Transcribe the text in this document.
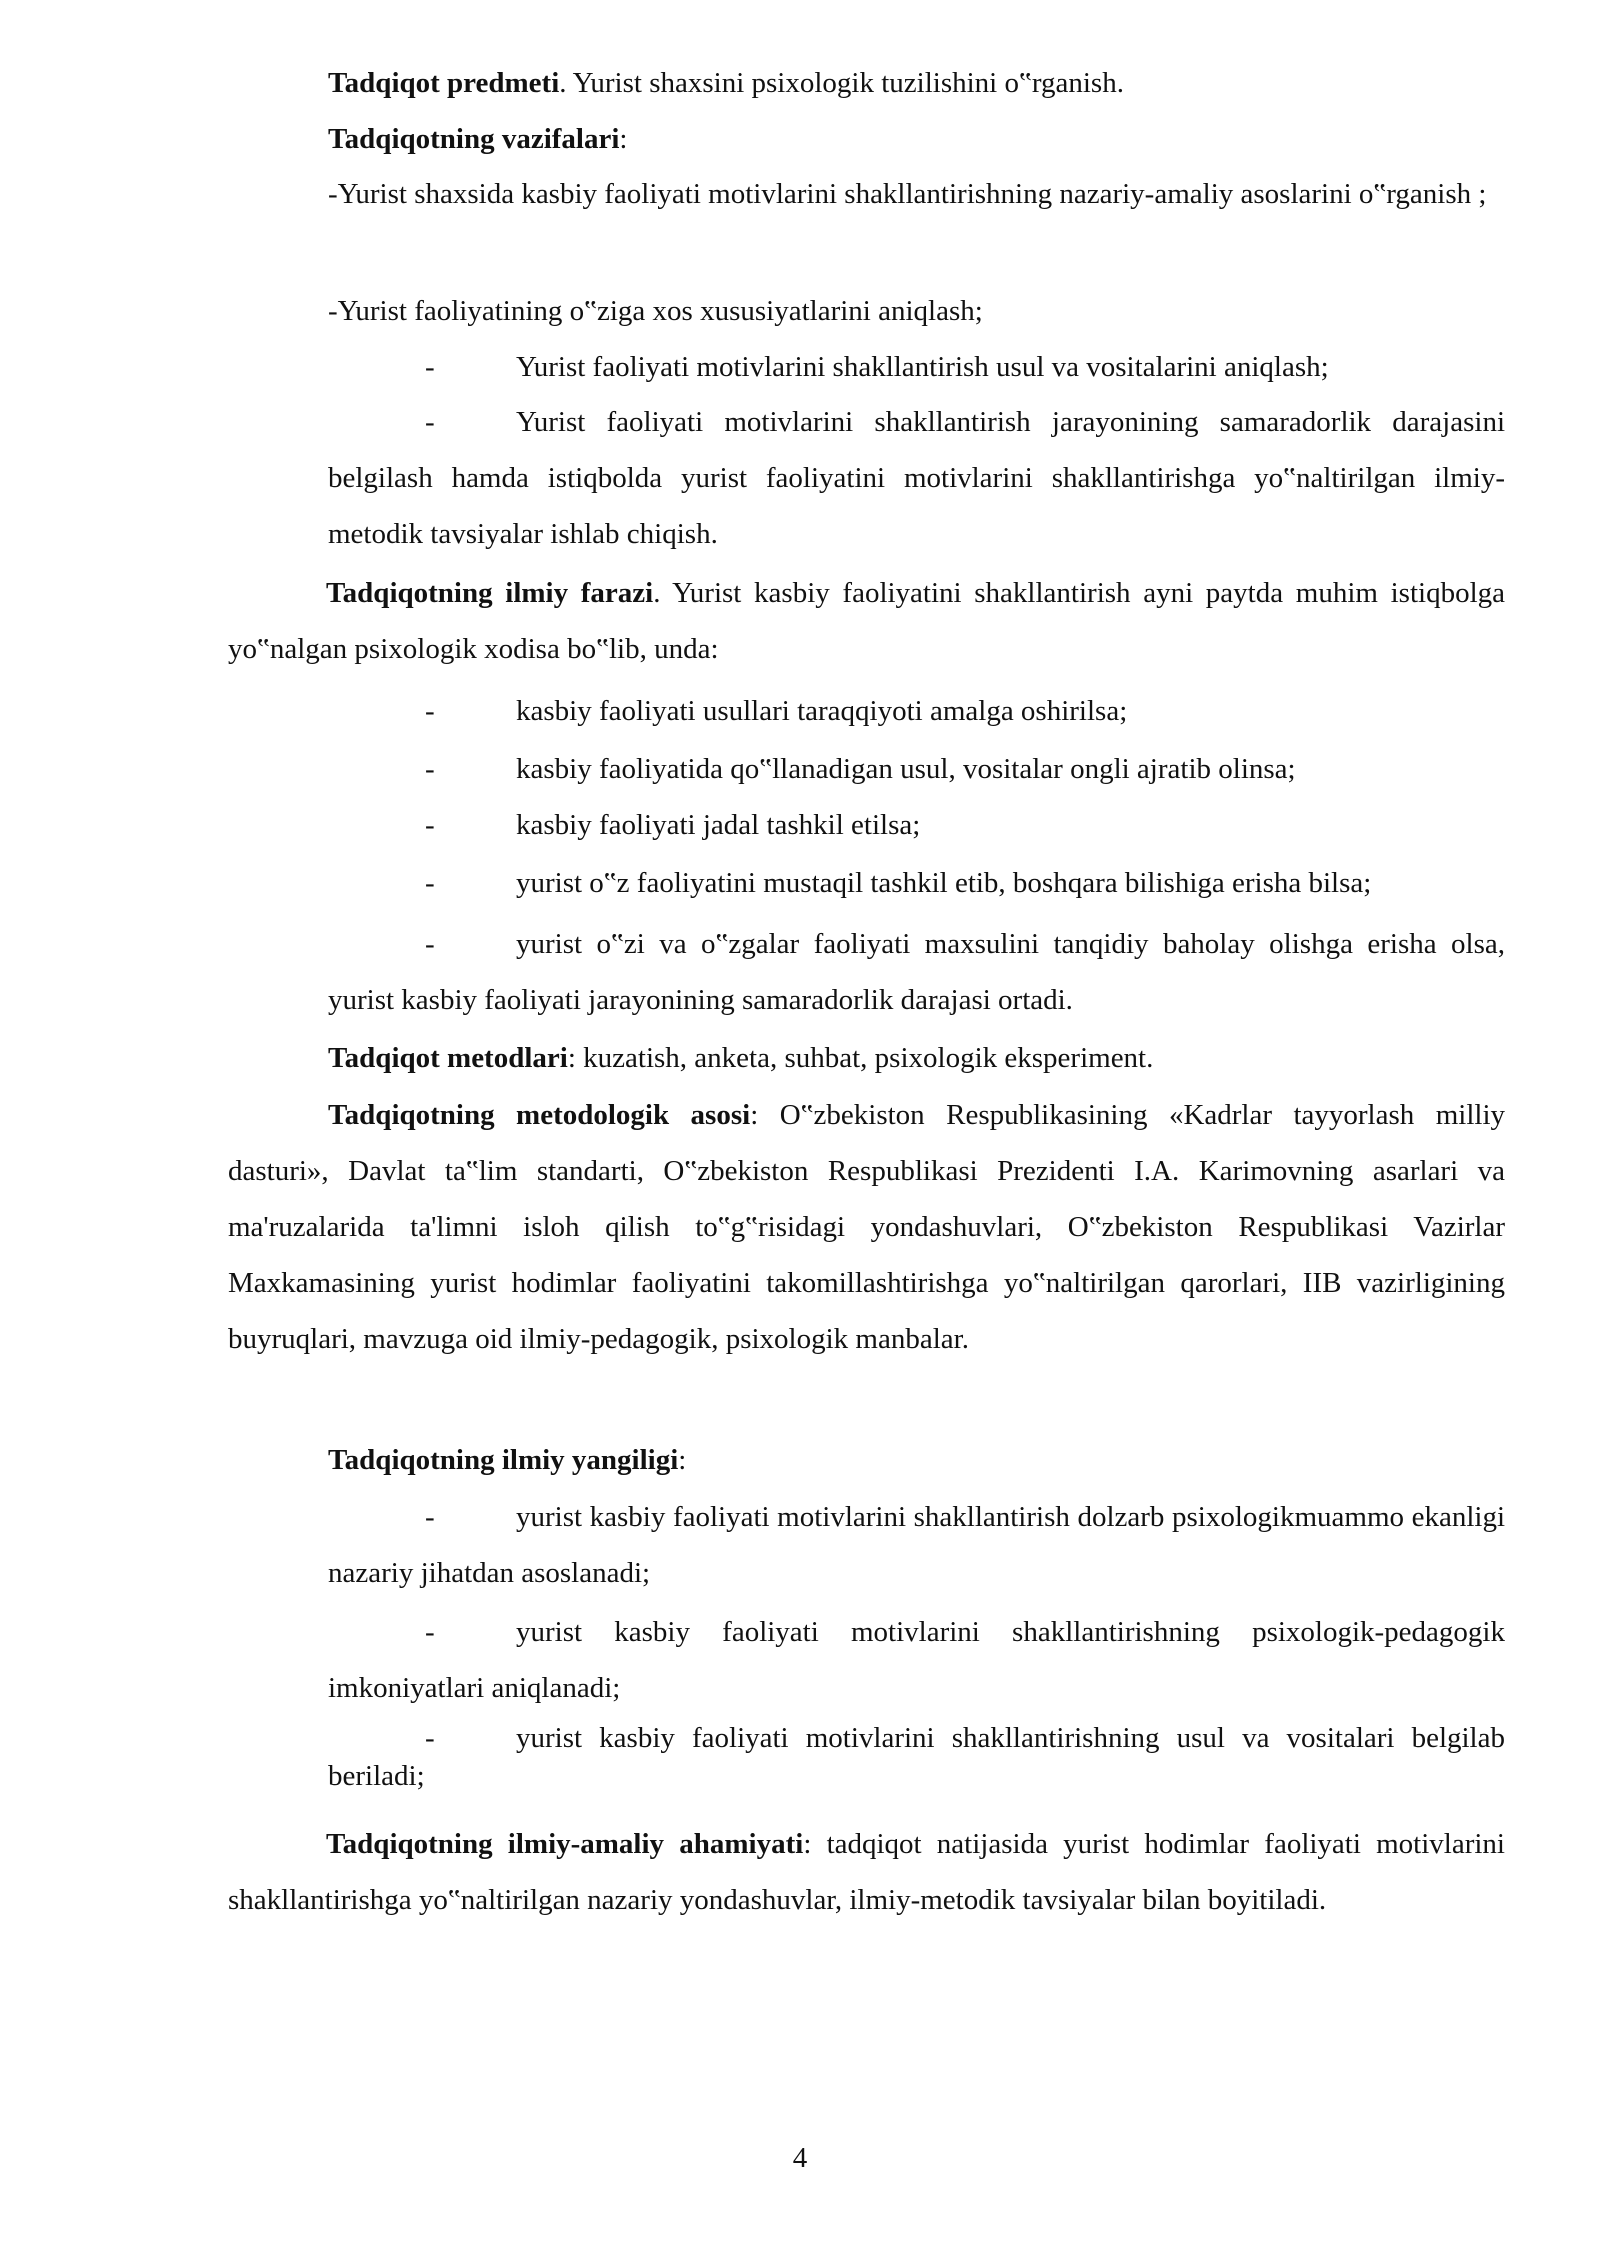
Tadqiqot predmeti. Yurist shaxsini psixologik tuzilishini o‟rganish.
Tadqiqotning vazifalari:

-Yurist shaxsida kasbiy faoliyati motivlarini shakllantirishning nazariy-amaliy asoslarini o‟rganish ;

-Yurist faoliyatining o‟ziga xos xususiyatlarini aniqlash;

-	Yurist faoliyati motivlarini shakllantirish usul va vositalarini aniqlash;
-	Yurist faoliyati motivlarini shakllantirish jarayonining samaradorlik darajasini belgilash hamda istiqbolda yurist faoliyatini motivlarini shakllantirishga yo‟naltirilgan ilmiy-metodik tavsiyalar ishlab chiqish.

Tadqiqotning ilmiy farazi. Yurist kasbiy faoliyatini shakllantirish ayni paytda muhim istiqbolga yo‟nalgan psixologik xodisa bo‟lib, unda:

-	kasbiy faoliyati usullari taraqqiyoti amalga oshirilsa;
-	kasbiy faoliyatida qo‟llanadigan usul, vositalar ongli ajratib olinsa;
-	kasbiy faoliyati jadal tashkil etilsa;
-	yurist o‟z faoliyatini mustaqil tashkil etib, boshqara bilishiga erisha bilsa;
-	yurist o‟zi va o‟zgalar faoliyati maxsulini tanqidiy baholay olishga erisha olsa, yurist kasbiy faoliyati jarayonining samaradorlik darajasi ortadi.

Tadqiqot metodlari: kuzatish, anketa, suhbat, psixologik eksperiment.

Tadqiqotning metodologik asosi: O‟zbekiston Respublikasining «Kadrlar tayyorlash milliy dasturi», Davlat ta‟lim standarti, O‟zbekiston Respublikasi Prezidenti I.A. Karimovning asarlari va ma'ruzalarida ta'limni isloh qilish to‟g‟risidagi yondashuvlari, O‟zbekiston Respublikasi Vazirlar Maxkamasining yurist hodimlar faoliyatini takomillashtirishga yo‟naltirilgan qarorlari, IIB vazirligining buyruqlari, mavzuga oid ilmiy-pedagogik, psixologik manbalar.

Tadqiqotning ilmiy yangiligi:
-	yurist kasbiy faoliyati motivlarini shakllantirish dolzarb psixologikmuammo ekanligi nazariy jihatdan asoslanadi;

-	yurist kasbiy faoliyati motivlarini shakllantirishning psixologik-pedagogik imkoniyatlari aniqlanadi;

-	yurist kasbiy faoliyati motivlarini shakllantirishning usul va vositalari belgilab beriladi;

Tadqiqotning ilmiy-amaliy ahamiyati: tadqiqot natijasida yurist hodimlar faoliyati motivlarini shakllantirishga yo‟naltirilgan nazariy yondashuvlar, ilmiy-metodik tavsiyalar bilan boyitiladi.

4
